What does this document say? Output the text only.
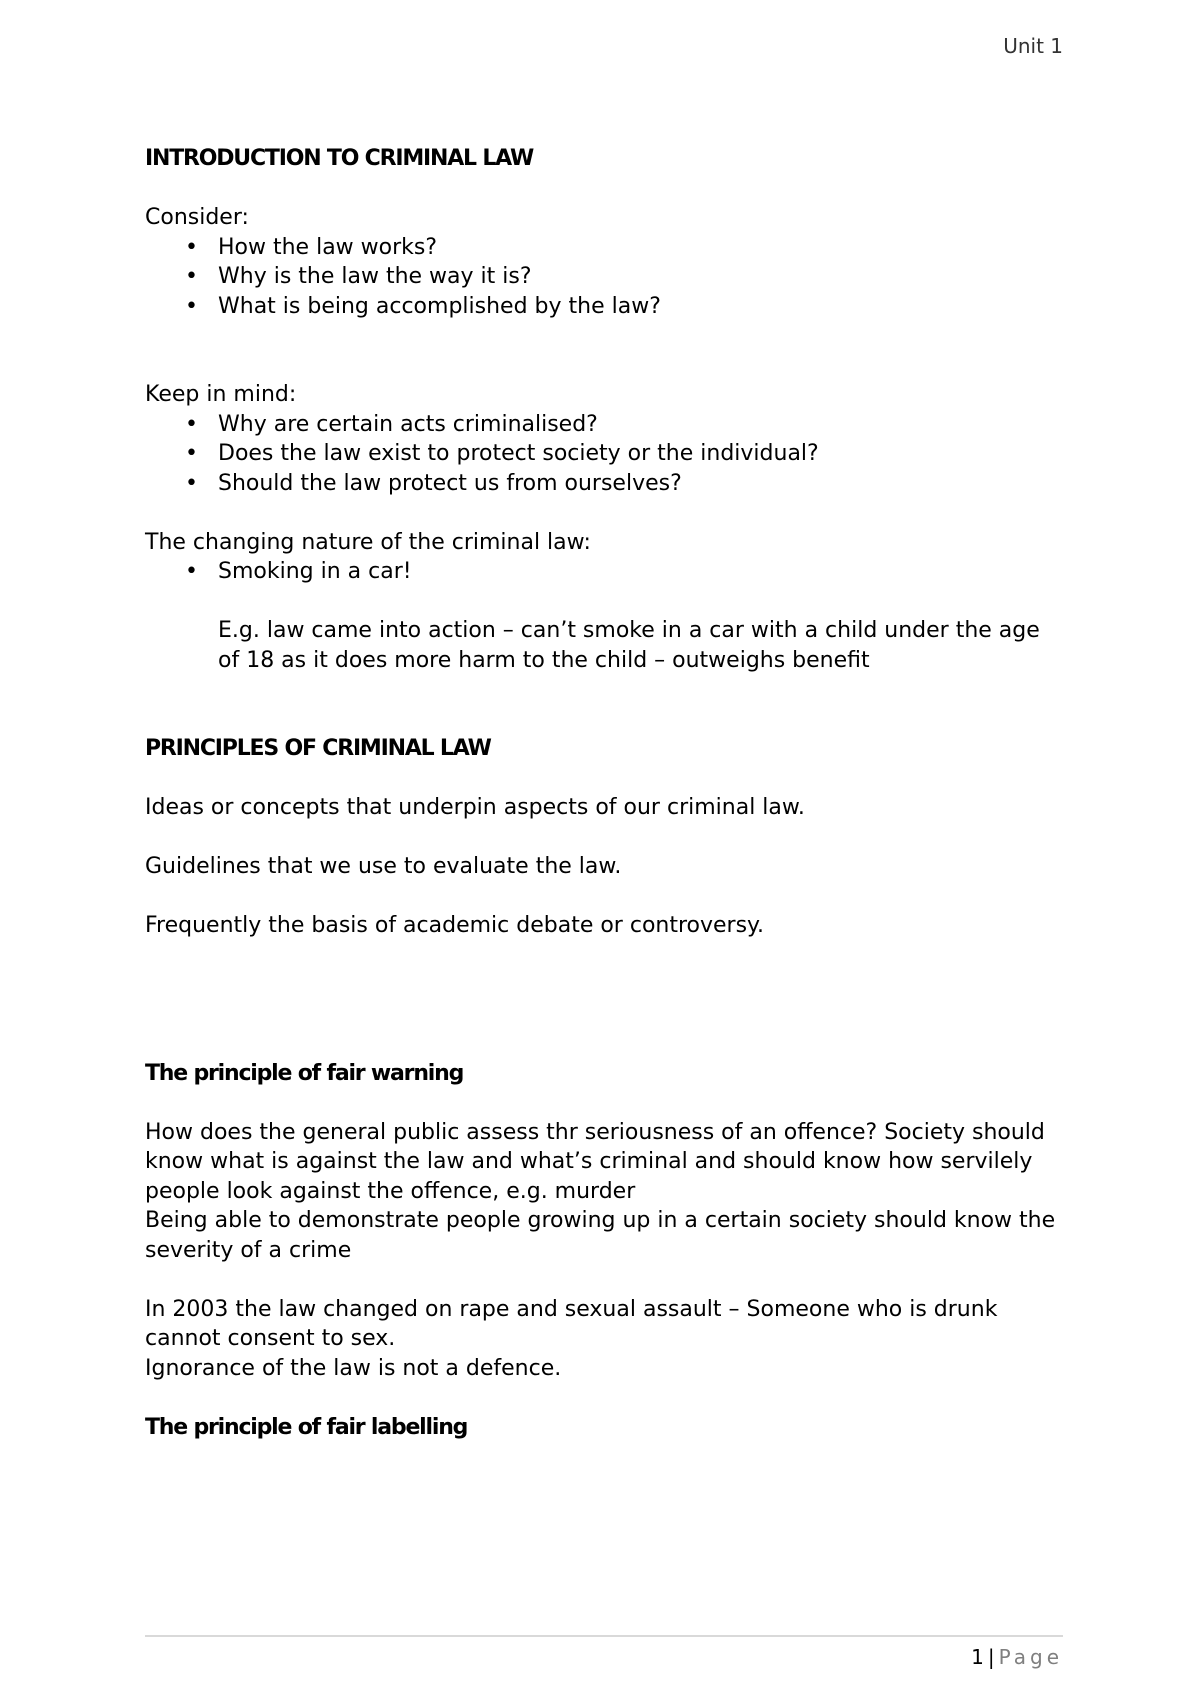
Unit 1

INTRODUCTION TO CRIMINAL LAW

Consider:

• How the law works?
• Why is the law the way it is?
• What is being accomplished by the law?

Keep in mind:

• Why are certain acts criminalised?
• Does the law exist to protect society or the individual?
• Should the law protect us from ourselves?

The changing nature of the criminal law:

• Smoking in a car!

E.g. law came into action – can’t smoke in a car with a child under the age of 18 as it does more harm to the child – outweighs benefit

PRINCIPLES OF CRIMINAL LAW

Ideas or concepts that underpin aspects of our criminal law.

Guidelines that we use to evaluate the law.

Frequently the basis of academic debate or controversy.

The principle of fair warning

How does the general public assess thr seriousness of an offence? Society should know what is against the law and what’s criminal and should know how servilely people look against the offence, e.g. murder

Being able to demonstrate people growing up in a certain society should know the severity of a crime

In 2003 the law changed on rape and sexual assault – Someone who is drunk cannot consent to sex.

Ignorance of the law is not a defence.

The principle of fair labelling

1 | Page
